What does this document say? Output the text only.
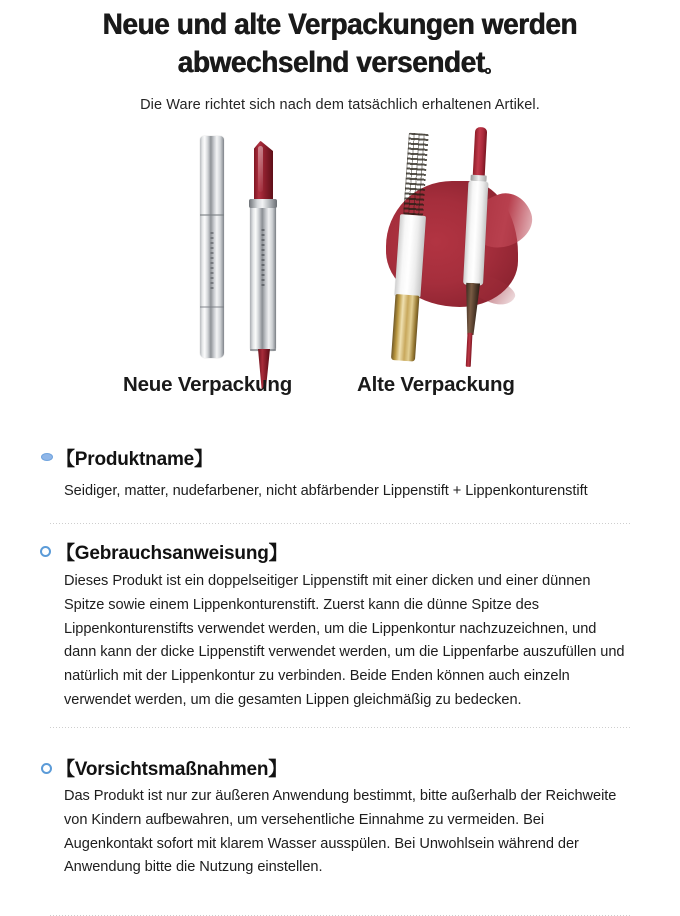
Neue und alte Verpackungen werden
abwechselnd versendet。
Die Ware richtet sich nach dem tatsächlich erhaltenen Artikel.
Neue Verpackung	Alte Verpackung
【Produktname】
Seidiger, matter, nudefarbener, nicht abfärbender Lippenstift + Lippenkonturenstift
【Gebrauchsanweisung】
Dieses Produkt ist ein doppelseitiger Lippenstift mit einer dicken und einer dünnen Spitze sowie einem Lippenkonturenstift. Zuerst kann die dünne Spitze des Lippenkonturenstifts verwendet werden, um die Lippenkontur nachzuzeichnen, und dann kann der dicke Lippenstift verwendet werden, um die Lippenfarbe auszufüllen und natürlich mit der Lippenkontur zu verbinden. Beide Enden können auch einzeln verwendet werden, um die gesamten Lippen gleichmäßig zu bedecken.
【Vorsichtsmaßnahmen】
Das Produkt ist nur zur äußeren Anwendung bestimmt, bitte außerhalb der Reichweite von Kindern aufbewahren, um versehentliche Einnahme zu vermeiden. Bei Augenkontakt sofort mit klarem Wasser ausspülen. Bei Unwohlsein während der Anwendung bitte die Nutzung einstellen.
